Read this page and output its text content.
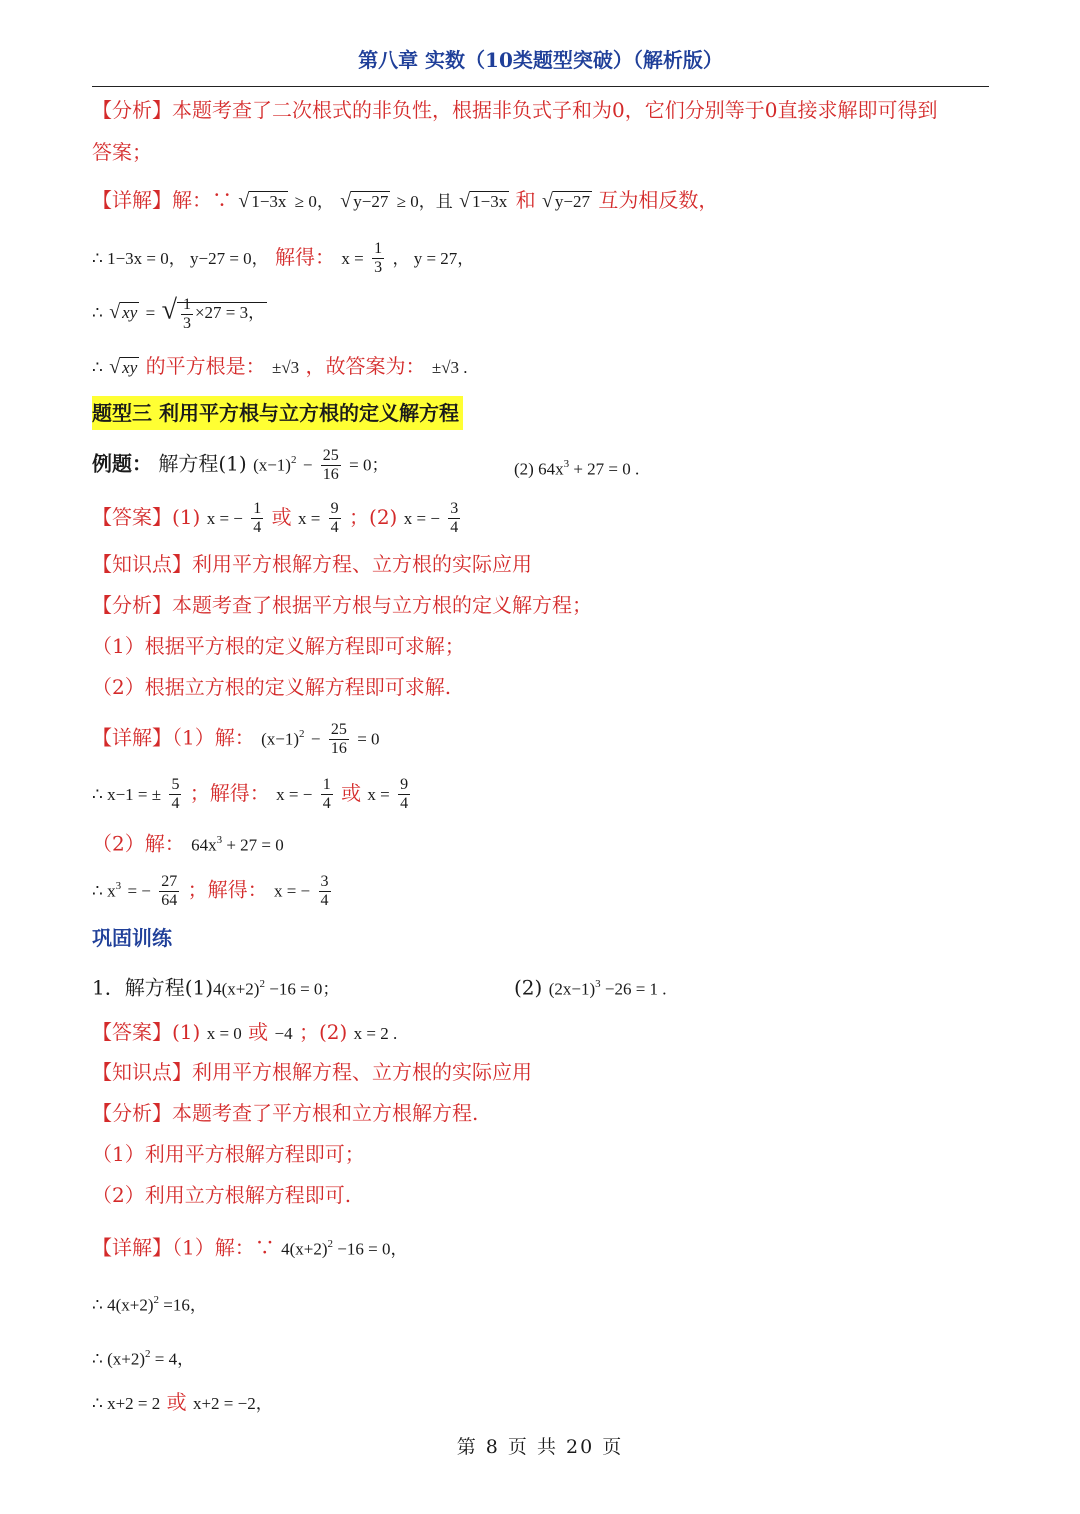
第八章 实数（10类题型突破）（解析版）
【分析】本题考查了二次根式的非负性，根据非负式子和为0，它们分别等于0直接求解即可得到
答案；
【详解】解：∵ √ 1−3x ≥ 0， √ y−27 ≥ 0，且 √ 1−3x 和 √ y−27 互为相反数，
∴ 1−3x = 0， y−27 = 0， 解得： $x = \frac{1}{3}$ ， y = 27，
∴ √ xy = √ $\frac{1}{3} \times 27 = 3$，
∴ √ xy 的平方根是： ±√3 ，故答案为： ±√3 .
题型三 利用平方根与立方根的定义解方程
例题： 解方程(1) $(x-1)^2 - \frac{25}{16} = 0$；	(2) $64x^3 + 27 = 0$ .
【答案】(1) x = − $\frac{1}{4}$ 或 $x = \frac{9}{4}$ ；(2) x = − $\frac{3}{4}$
【知识点】利用平方根解方程、立方根的实际应用
【分析】本题考查了根据平方根与立方根的定义解方程；
（1）根据平方根的定义解方程即可求解；
（2）根据立方根的定义解方程即可求解.
【详解】（1）解： $(x-1)^2 - \frac{25}{16} = 0$
∴ x−1 = ± $\frac{5}{4}$ ；解得： x = − $\frac{1}{4}$ 或 $x = \frac{9}{4}$
（2）解： $64x^3 + 27 = 0$
∴ $x^3$ = − $\frac{27}{64}$ ；解得： x = − $\frac{3}{4}$
巩固训练
1．解方程$(1)4(x+2)^2 -16 = 0$；	(2) $(2x-1)^3 -26 = 1$ .
【答案】(1) x = 0 或 −4 ；(2) x = 2 .
【知识点】利用平方根解方程、立方根的实际应用
【分析】本题考查了平方根和立方根解方程.
（1）利用平方根解方程即可；
（2）利用立方根解方程即可.
【详解】（1）解：∵ $4(x+2)^2 -16 = 0$，
∴ $4(x+2)^2 =16$，
∴ $(x+2)^2 = 4$，
∴ x+2 = 2 或 x+2 = −2，
第 8 页 共 20 页
